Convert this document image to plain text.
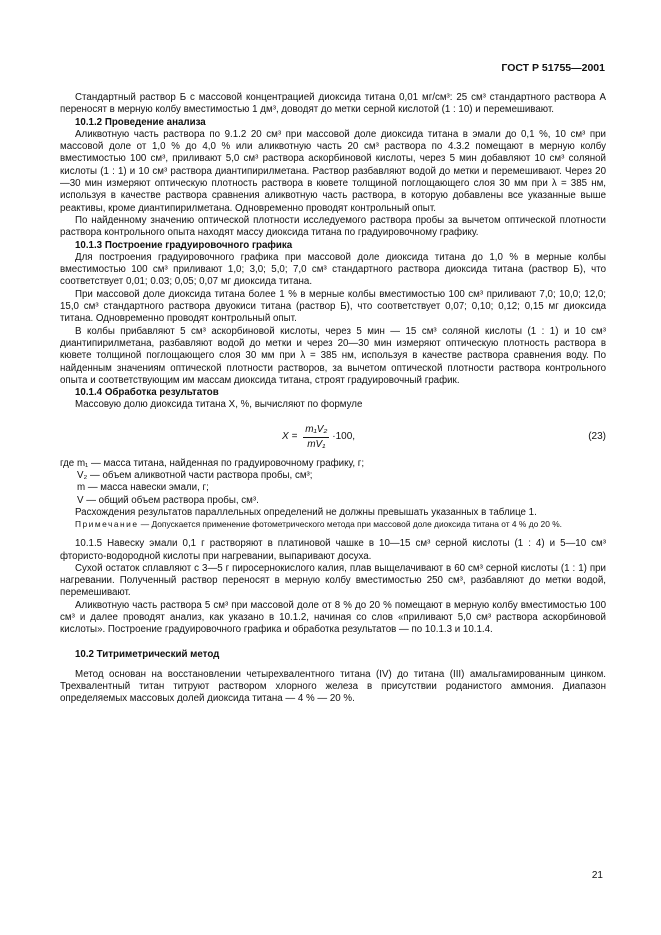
ГОСТ Р 51755—2001

Стандартный раствор Б с массовой концентрацией диоксида титана 0,01 мг/см³: 25 см³ стандартного раствора А переносят в мерную колбу вместимостью 1 дм³, доводят до метки серной кислотой (1 : 10) и перемешивают.

10.1.2 Проведение анализа

Аликвотную часть раствора по 9.1.2 20 см³ при массовой доле диоксида титана в эмали до 0,1 %, 10 см³ при массовой доле от 1,0 % до 4,0 % или аликвотную часть 20 см³ раствора по 4.3.2 помещают в мерную колбу вместимостью 100 см³, приливают 5,0 см³ раствора аскорбиновой кислоты, через 5 мин добавляют 10 см³ соляной кислоты (1 : 1) и 10 см³ раствора диантипирилметана. Раствор разбавляют водой до метки и перемешивают. Через 20—30 мин измеряют оптическую плотность раствора в кювете толщиной поглощающего слоя 30 мм при λ = 385 нм, используя в качестве раствора сравнения аликвотную часть раствора, в которую добавлены все указанные выше реактивы, кроме диантипирилметана. Одновременно проводят контрольный опыт.

По найденному значению оптической плотности исследуемого раствора пробы за вычетом оптической плотности раствора контрольного опыта находят массу диоксида титана по градуировочному графику.

10.1.3 Построение градуировочного графика

Для построения градуировочного графика при массовой доле диоксида титана до 1,0 % в мерные колбы вместимостью 100 см³ приливают 1,0; 3,0; 5,0; 7,0 см³ стандартного раствора диоксида титана (раствор Б), что соответствует 0,01; 0.03; 0,05; 0,07 мг диоксида титана.

При массовой доле диоксида титана более 1 % в мерные колбы вместимостью 100 см³ приливают 7,0; 10,0; 12,0; 15,0 см³ стандартного раствора двуокиси титана (раствор Б), что соответствует 0,07; 0,10; 0,12; 0,15 мг диоксида титана. Одновременно проводят контрольный опыт.

В колбы прибавляют 5 см³ аскорбиновой кислоты, через 5 мин — 15 см³ соляной кислоты (1 : 1) и 10 см³ диантипирилметана, разбавляют водой до метки и через 20—30 мин измеряют оптическую плотность раствора в кювете толщиной поглощающего слоя 30 мм при λ = 385 нм, используя в качестве раствора сравнения воду. По найденным значениям оптической плотности растворов, за вычетом оптической плотности раствора контрольного опыта и соответствующим им массам диоксида титана, строят градуировочный график.

10.1.4 Обработка результатов

Массовую долю диоксида титана X, %, вычисляют по формуле

$X = \frac{\text{m₁V₂}}{\text{mV₁}} \cdot 100$,	(23)
где m₁ — масса титана, найденная по градуировочному графику, г;
V₂ — объем аликвотной части раствора пробы, см³;
m — масса навески эмали, г;
V — общий объем раствора пробы, см³.

Расхождения результатов параллельных определений не должны превышать указанных в таблице 1.

Примечание — Допускается применение фотометрического метода при массовой доле диоксида титана от 4 % до 20 %.

10.1.5 Навеску эмали 0,1 г растворяют в платиновой чашке в 10—15 см³ серной кислоты (1 : 4) и 5—10 см³ фтористо-водородной кислоты при нагревании, выпаривают досуха.

Сухой остаток сплавляют с 3—5 г пиросернокислого калия, плав выщелачивают в 60 см³ серной кислоты (1 : 1) при нагревании. Полученный раствор переносят в мерную колбу вместимостью 250 см³, разбавляют до метки водой, перемешивают.

Аликвотную часть раствора 5 см³ при массовой доле от 8 % до 20 % помещают в мерную колбу вместимостью 100 см³ и далее проводят анализ, как указано в 10.1.2, начиная со слов «приливают 5,0 см³ раствора аскорбиновой кислоты». Построение градуировочного графика и обработка результатов — по 10.1.3 и 10.1.4.

10.2 Титриметрический метод

Метод основан на восстановлении четырехвалентного титана (IV) до титана (III) амальгамированным цинком. Трехвалентный титан титруют раствором хлорного железа в присутствии роданистого аммония. Диапазон определяемых массовых долей диоксида титана — 4 % — 20 %.

21
